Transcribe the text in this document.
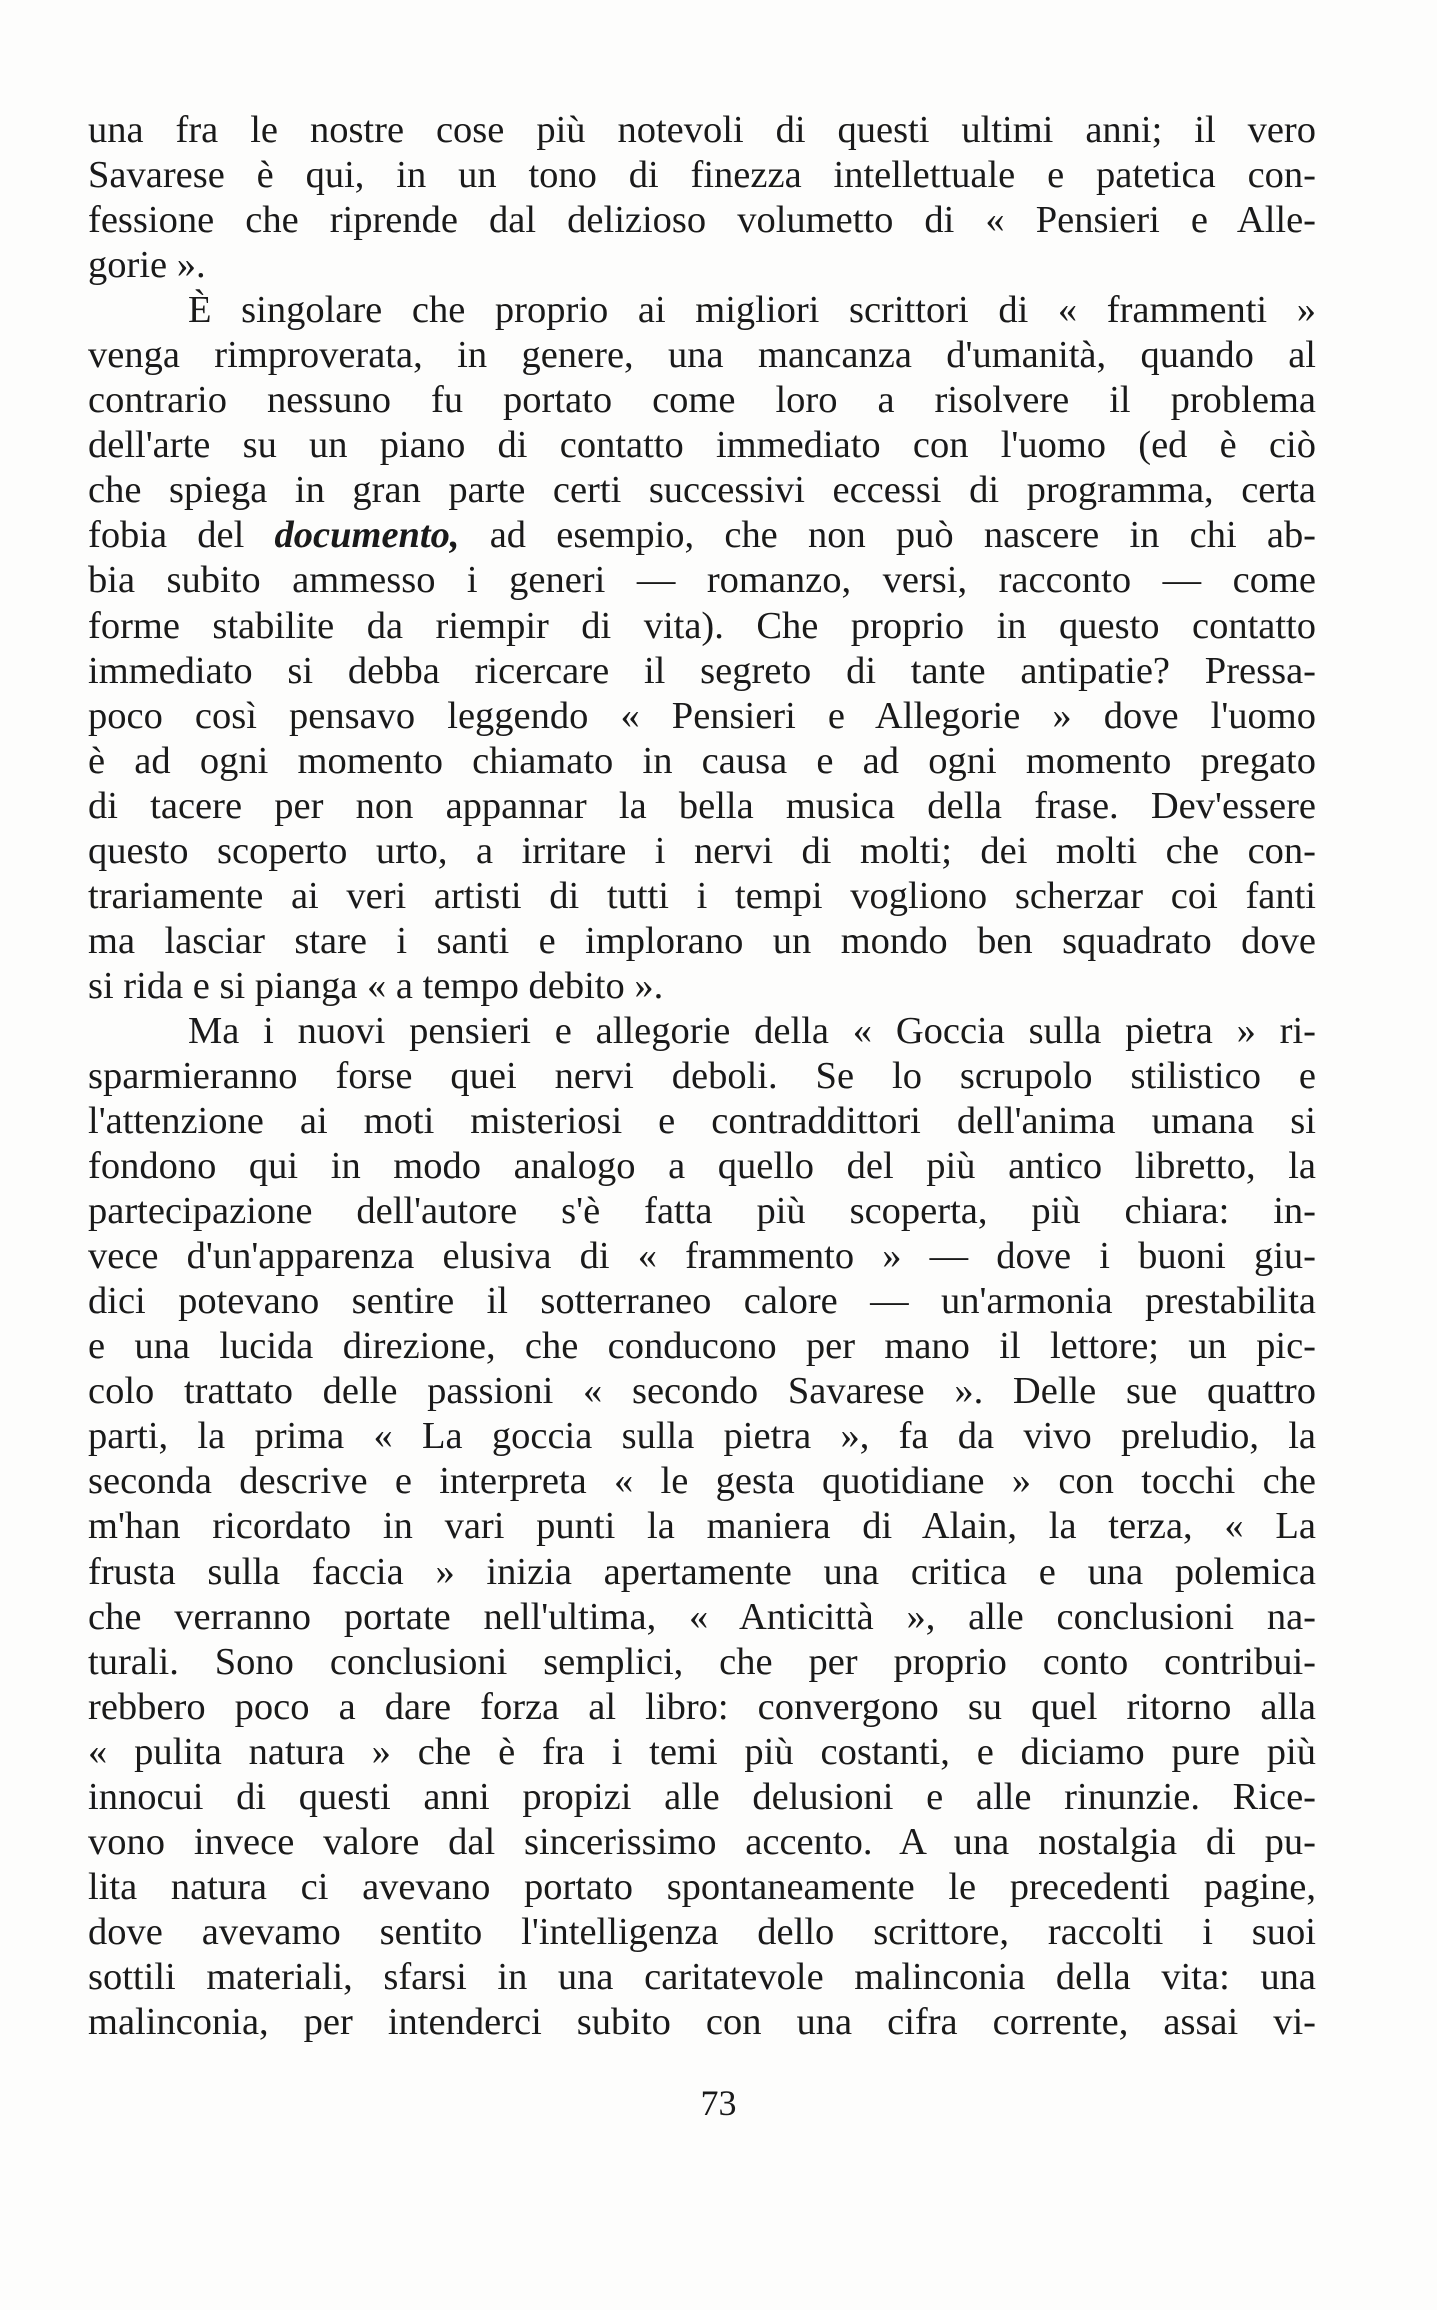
una fra le nostre cose più notevoli di questi ultimi anni; il vero
Savarese è qui, in un tono di finezza intellettuale e patetica con-
fessione che riprende dal delizioso volumetto di « Pensieri e Alle-
gorie ».
È singolare che proprio ai migliori scrittori di « frammenti »
venga rimproverata, in genere, una mancanza d'umanità, quando al
contrario nessuno fu portato come loro a risolvere il problema
dell'arte su un piano di contatto immediato con l'uomo (ed è ciò
che spiega in gran parte certi successivi eccessi di programma, certa
fobia del documento, ad esempio, che non può nascere in chi ab-
bia subito ammesso i generi — romanzo, versi, racconto — come
forme stabilite da riempir di vita). Che proprio in questo contatto
immediato si debba ricercare il segreto di tante antipatie? Pressa-
poco così pensavo leggendo « Pensieri e Allegorie » dove l'uomo
è ad ogni momento chiamato in causa e ad ogni momento pregato
di tacere per non appannar la bella musica della frase. Dev'essere
questo scoperto urto, a irritare i nervi di molti; dei molti che con-
trariamente ai veri artisti di tutti i tempi vogliono scherzar coi fanti
ma lasciar stare i santi e implorano un mondo ben squadrato dove
si rida e si pianga « a tempo debito ».
Ma i nuovi pensieri e allegorie della « Goccia sulla pietra » ri-
sparmieranno forse quei nervi deboli. Se lo scrupolo stilistico e
l'attenzione ai moti misteriosi e contraddittori dell'anima umana si
fondono qui in modo analogo a quello del più antico libretto, la
partecipazione dell'autore s'è fatta più scoperta, più chiara: in-
vece d'un'apparenza elusiva di « frammento » — dove i buoni giu-
dici potevano sentire il sotterraneo calore — un'armonia prestabilita
e una lucida direzione, che conducono per mano il lettore; un pic-
colo trattato delle passioni « secondo Savarese ». Delle sue quattro
parti, la prima « La goccia sulla pietra », fa da vivo preludio, la
seconda descrive e interpreta « le gesta quotidiane » con tocchi che
m'han ricordato in vari punti la maniera di Alain, la terza, « La
frusta sulla faccia » inizia apertamente una critica e una polemica
che verranno portate nell'ultima, « Anticittà », alle conclusioni na-
turali. Sono conclusioni semplici, che per proprio conto contribui-
rebbero poco a dare forza al libro: convergono su quel ritorno alla
« pulita natura » che è fra i temi più costanti, e diciamo pure più
innocui di questi anni propizi alle delusioni e alle rinunzie. Rice-
vono invece valore dal sincerissimo accento. A una nostalgia di pu-
lita natura ci avevano portato spontaneamente le precedenti pagine,
dove avevamo sentito l'intelligenza dello scrittore, raccolti i suoi
sottili materiali, sfarsi in una caritatevole malinconia della vita: una
malinconia, per intenderci subito con una cifra corrente, assai vi-
73
